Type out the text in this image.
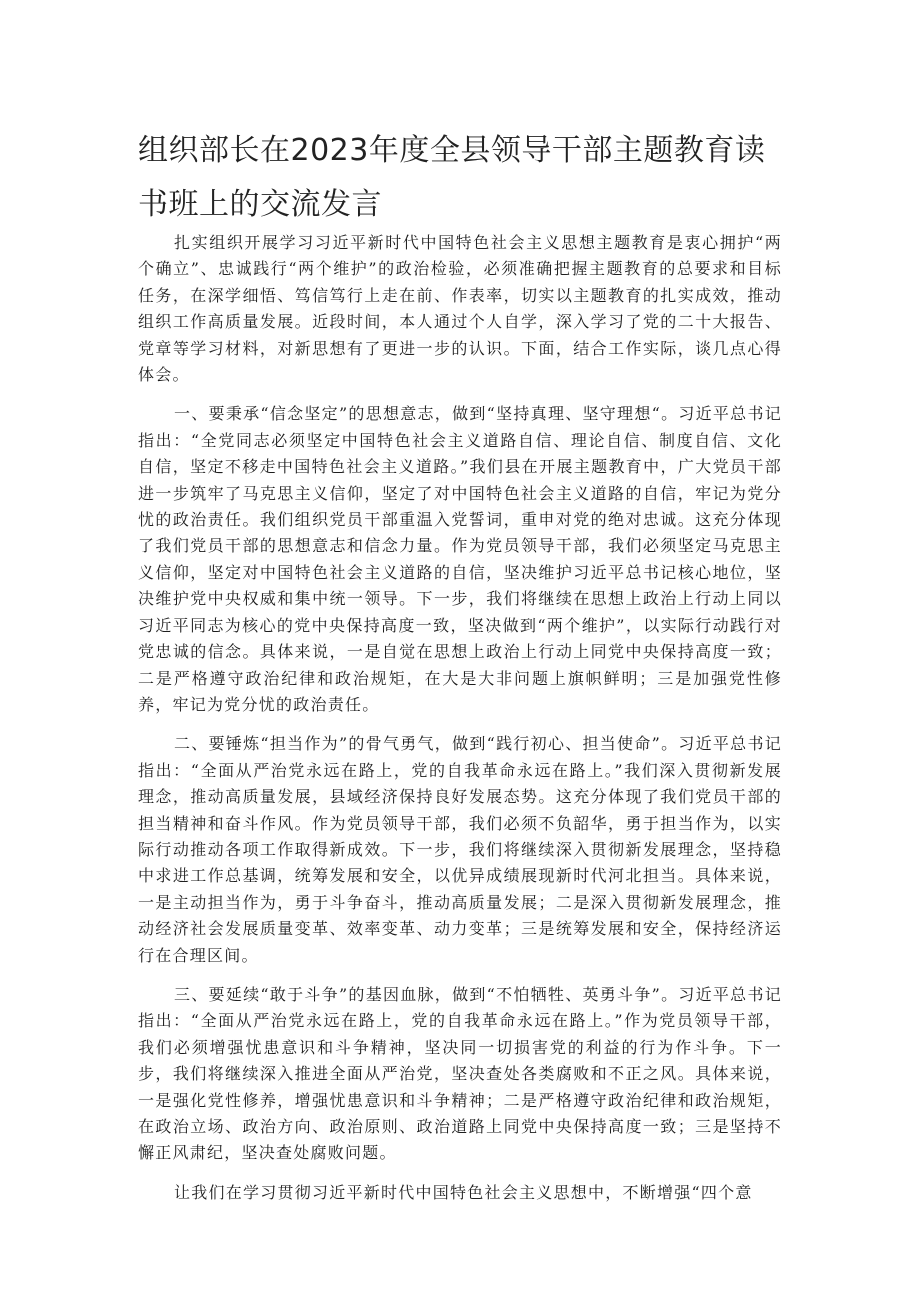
组织部长在2023年度全县领导干部主题教育读书班上的交流发言

扎实组织开展学习习近平新时代中国特色社会主义思想主题教育是衷心拥护“两个确立”、忠诚践行“两个维护”的政治检验，必须准确把握主题教育的总要求和目标任务，在深学细悟、笃信笃行上走在前、作表率，切实以主题教育的扎实成效，推动组织工作高质量发展。近段时间，本人通过个人自学，深入学习了党的二十大报告、党章等学习材料，对新思想有了更进一步的认识。下面，结合工作实际，谈几点心得体会。

一、要秉承“信念坚定”的思想意志，做到“坚持真理、坚守理想“。习近平总书记指出：“全党同志必须坚定中国特色社会主义道路自信、理论自信、制度自信、文化自信，坚定不移走中国特色社会主义道路。”我们县在开展主题教育中，广大党员干部进一步筑牢了马克思主义信仰，坚定了对中国特色社会主义道路的自信，牢记为党分忧的政治责任。我们组织党员干部重温入党誓词，重申对党的绝对忠诚。这充分体现了我们党员干部的思想意志和信念力量。作为党员领导干部，我们必须坚定马克思主义信仰，坚定对中国特色社会主义道路的自信，坚决维护习近平总书记核心地位，坚决维护党中央权威和集中统一领导。下一步，我们将继续在思想上政治上行动上同以习近平同志为核心的党中央保持高度一致，坚决做到“两个维护”，以实际行动践行对党忠诚的信念。具体来说，一是自觉在思想上政治上行动上同党中央保持高度一致；二是严格遵守政治纪律和政治规矩，在大是大非问题上旗帜鲜明；三是加强党性修养，牢记为党分忧的政治责任。

二、要锤炼“担当作为”的骨气勇气，做到“践行初心、担当使命”。习近平总书记指出：“全面从严治党永远在路上，党的自我革命永远在路上。”我们深入贯彻新发展理念，推动高质量发展，县域经济保持良好发展态势。这充分体现了我们党员干部的担当精神和奋斗作风。作为党员领导干部，我们必须不负韶华，勇于担当作为，以实际行动推动各项工作取得新成效。下一步，我们将继续深入贯彻新发展理念，坚持稳中求进工作总基调，统筹发展和安全，以优异成绩展现新时代河北担当。具体来说，一是主动担当作为，勇于斗争奋斗，推动高质量发展；二是深入贯彻新发展理念，推动经济社会发展质量变革、效率变革、动力变革；三是统筹发展和安全，保持经济运行在合理区间。

三、要延续“敢于斗争”的基因血脉，做到“不怕牺牲、英勇斗争”。习近平总书记指出：“全面从严治党永远在路上，党的自我革命永远在路上。”作为党员领导干部，我们必须增强忧患意识和斗争精神，坚决同一切损害党的利益的行为作斗争。下一步，我们将继续深入推进全面从严治党，坚决查处各类腐败和不正之风。具体来说，一是强化党性修养，增强忧患意识和斗争精神；二是严格遵守政治纪律和政治规矩，在政治立场、政治方向、政治原则、政治道路上同党中央保持高度一致；三是坚持不懈正风肃纪，坚决查处腐败问题。

让我们在学习贯彻习近平新时代中国特色社会主义思想中，不断增强“四个意
